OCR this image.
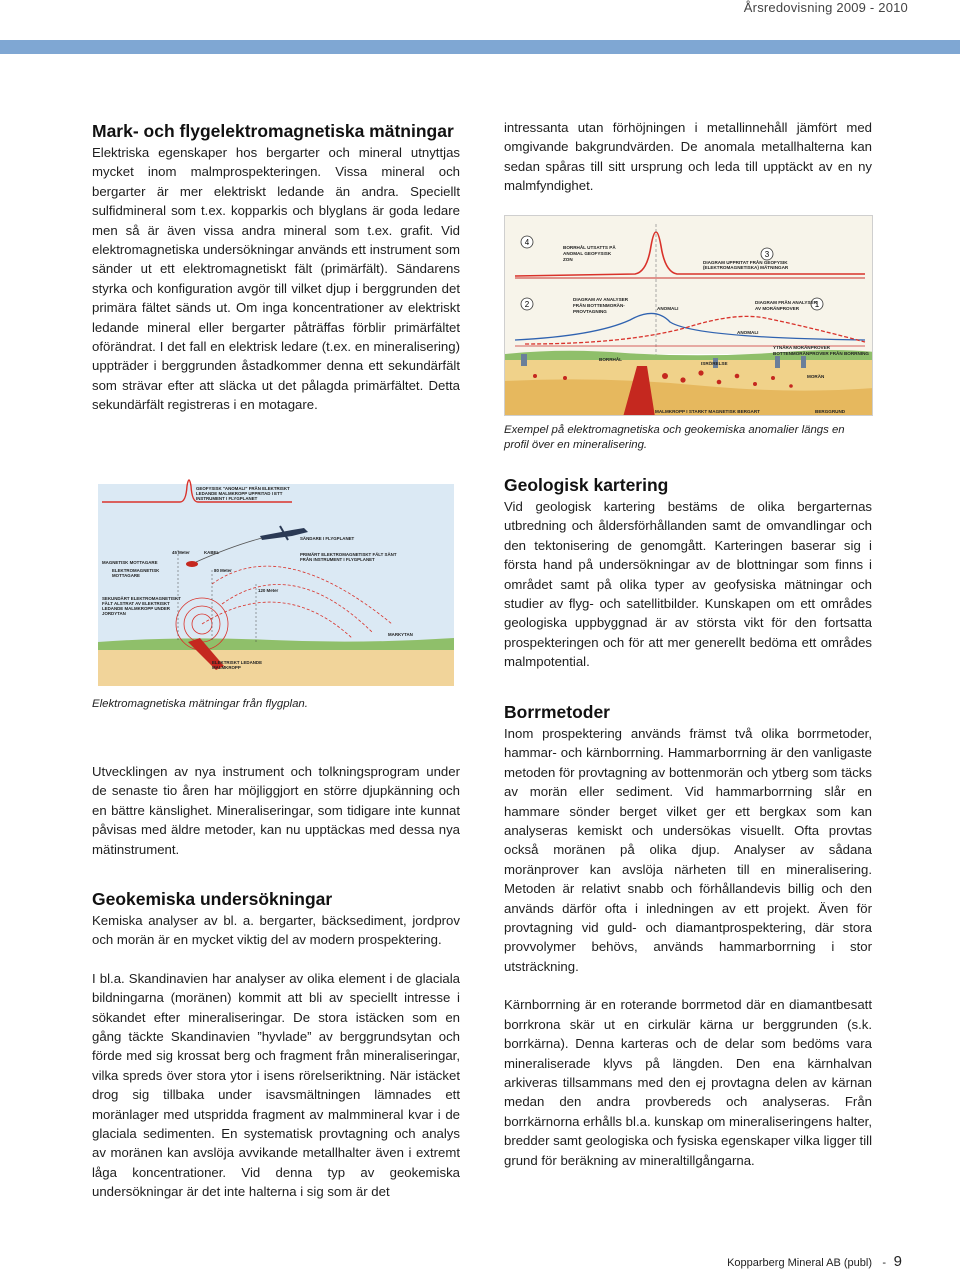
Årsredovisning 2009 - 2010
Mark- och flygelektromagnetiska mätningar

Elektriska egenskaper hos bergarter och mineral utnyttjas mycket inom malmprospekteringen. Vissa mineral och bergarter är mer elektriskt ledande än andra. Speciellt sulfidmineral som t.ex. kopparkis och blyglans är goda ledare men så är även vissa andra mineral som t.ex. grafit. Vid elektromagnetiska undersökningar används ett instrument som sänder ut ett elektromagnetiskt fält (primärfält). Sändarens styrka och konfiguration avgör till vilket djup i berggrunden det primära fältet sänds ut. Om inga koncentrationer av elektriskt ledande mineral eller bergarter påträffas förblir primärfältet oförändrat. I det fall en elektrisk ledare (t.ex. en mineralisering) uppträder i berggrunden åstadkommer denna ett sekundärfält som strävar efter att släcka ut det pålagda primärfältet. Detta sekundärfält registreras i en motagare.

intressanta utan förhöjningen i metallinnehåll jämfört med omgivande bakgrundvärden. De anomala metallhalterna kan sedan spåras till sitt ursprung och leda till upptäckt av en ny malmfyndighet.

4
3
2	1
BORRHÅL UTSATTS PÅ
ANOMAL GEOFYSISK
ZON
DIAGRAM UPPRITAT FRÅN GEOFYSIK
(ELEKTROMAGNETISKA) MÄTNINGAR
DIAGRAM AV ANALYSER
FRÅN BOTTENMORÄN-
PROVTAGNING
ANOMALI
ANOMALI
DIAGRAM FRÅN ANALYSER
AV MORÄNPROVER
BORRHÅL
ISRÖRELSE
YTNÄRA MORÄNPROVER
BOTTENMORÄNPROVER FRÅN BORRNING
MORÄN
MALMKROPP I STARKT MAGNETISK BERGART	BERGGRUND

Exempel på elektromagnetiska och geokemiska anomalier längs en profil över en mineralisering.

GEOFYSISK "ANOMALI" FRÅN ELEKTRISKT
LEDANDE MALMKROPP UPPRITAD I ETT
INSTRUMENT I FLYGPLANET
SÄNDARE I FLYGPLANET
MAGNETISK MOTTAGARE
ELEKTROMAGNETISK
MOTTAGARE
KABEL
45 Meter
80 Meter
120 Meter
PRIMÄRT ELEKTROMAGNETISKT FÄLT SÄNT
FRÅN INSTRUMENT I FLYGPLANET
SEKUNDÄRT ELEKTROMAGNETISKT
FÄLT ALSTRAT AV ELEKTRISKT
LEDANDE MALMKROPP UNDER
JORDYTAN
MARKYTAN
ELEKTRISKT LEDANDE
MALMKROPP

Elektromagnetiska mätningar från flygplan.

Utvecklingen av nya instrument och tolkningsprogram under de senaste tio åren har möjliggjort en större djupkänning och en bättre känslighet. Mineraliseringar, som tidigare inte kunnat påvisas med äldre metoder, kan nu upptäckas med dessa nya mätinstrument.

Geokemiska undersökningar

Kemiska analyser av bl. a. bergarter, bäcksediment, jordprov och morän är en mycket viktig del av modern prospektering.

I bl.a. Skandinavien har analyser av olika element i de glaciala bildningarna (moränen) kommit att bli av speciellt intresse i sökandet efter mineraliseringar. De stora istäcken som en gång täckte Skandinavien ”hyvlade” av berggrundsytan och förde med sig krossat berg och fragment från mineraliseringar, vilka spreds över stora ytor i isens rörelseriktning. När istäcket drog sig tillbaka under isavsmältningen lämnades ett moränlager med utspridda fragment av malmmineral kvar i de glaciala sedimenten. En systematisk provtagning och analys av moränen kan avslöja avvikande metallhalter även i extremt låga koncentrationer. Vid denna typ av geokemiska undersökningar är det inte halterna i sig som är det

Geologisk kartering

Vid geologisk kartering bestäms de olika bergarternas utbredning och åldersförhållanden samt de omvandlingar och den tektonisering de genomgått. Karteringen baserar sig i första hand på undersökningar av de blottningar som finns i området samt på olika typer av geofysiska mätningar och studier av flyg- och satellitbilder. Kunskapen om ett områdes geologiska uppbyggnad är av största vikt för den fortsatta prospekteringen och för att mer generellt bedöma ett områdes malmpotential.

Borrmetoder

Inom prospektering används främst två olika borrmetoder, hammar- och kärnborrning. Hammarborrning är den vanligaste metoden för provtagning av bottenmorän och ytberg som täcks av morän eller sediment. Vid hammarborrning slår en hammare sönder berget vilket ger ett bergkax som kan analyseras kemiskt och undersökas visuellt. Ofta provtas också moränen på olika djup. Analyser av sådana moränprover kan avslöja närheten till en mineralisering. Metoden är relativt snabb och förhållandevis billig och den används därför ofta i inledningen av ett projekt. Även för provtagning vid guld- och diamantprospektering, där stora provvolymer behövs, används hammarborrning i stor utsträckning.

Kärnborrning är en roterande borrmetod där en diamantbesatt borrkrona skär ut en cirkulär kärna ur berggrunden (s.k. borrkärna). Denna karteras och de delar som bedöms vara mineraliserade klyvs på längden. Den ena kärnhalvan arkiveras tillsammans med den ej provtagna delen av kärnan medan den andra provbereds och analyseras. Från borrkärnorna erhålls bl.a. kunskap om mineraliseringens halter, bredder samt geologiska och fysiska egenskaper vilka ligger till grund för beräkning av mineraltillgångarna.

Kopparberg Mineral AB (publ) - 9
